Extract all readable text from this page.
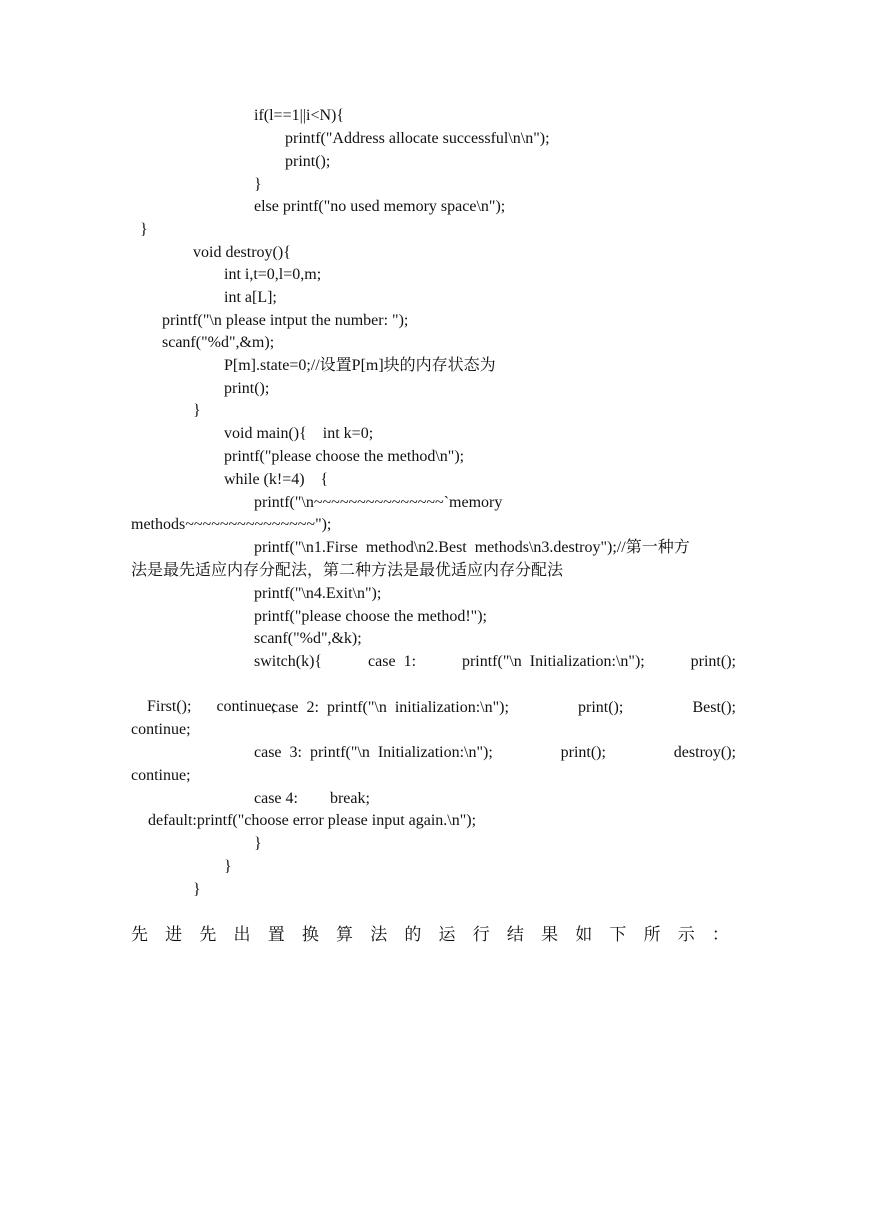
if(l==1||i<N){
printf("Address allocate successful\n\n");
print();
}
else printf("no used memory space\n");
}
void destroy(){
int i,t=0,l=0,m;
int a[L];
printf("\n please intput the number: ");
scanf("%d",&m);
P[m].state=0;//设置P[m]块的内存状态为
print();
}
void main(){    int k=0;
printf("please choose the method\n");
while (k!=4)    {
printf("\n~~~~~~~~~~~~~~~`memory
methods~~~~~~~~~~~~~~~");
printf("\n1.Firse  method\n2.Best  methods\n3.destroy");//第一种方
法是最先适应内存分配法，第二种方法是最优适应内存分配法
printf("\n4.Exit\n");
printf("please choose the method!");
scanf("%d",&k);
switch(k){	case  1:	printf("\n  Initialization:\n");	print();

First(); continue;

case  2:  printf("\n  initialization:\n");	print();	Best();
continue;
case  3:  printf("\n  Initialization:\n");	print();	destroy();
continue;
case 4:        break;
default:printf("choose error please input again.\n");
}
}
}
先 进 先 出 置 换 算 法 的 运 行 结 果 如 下 所 示 ：
